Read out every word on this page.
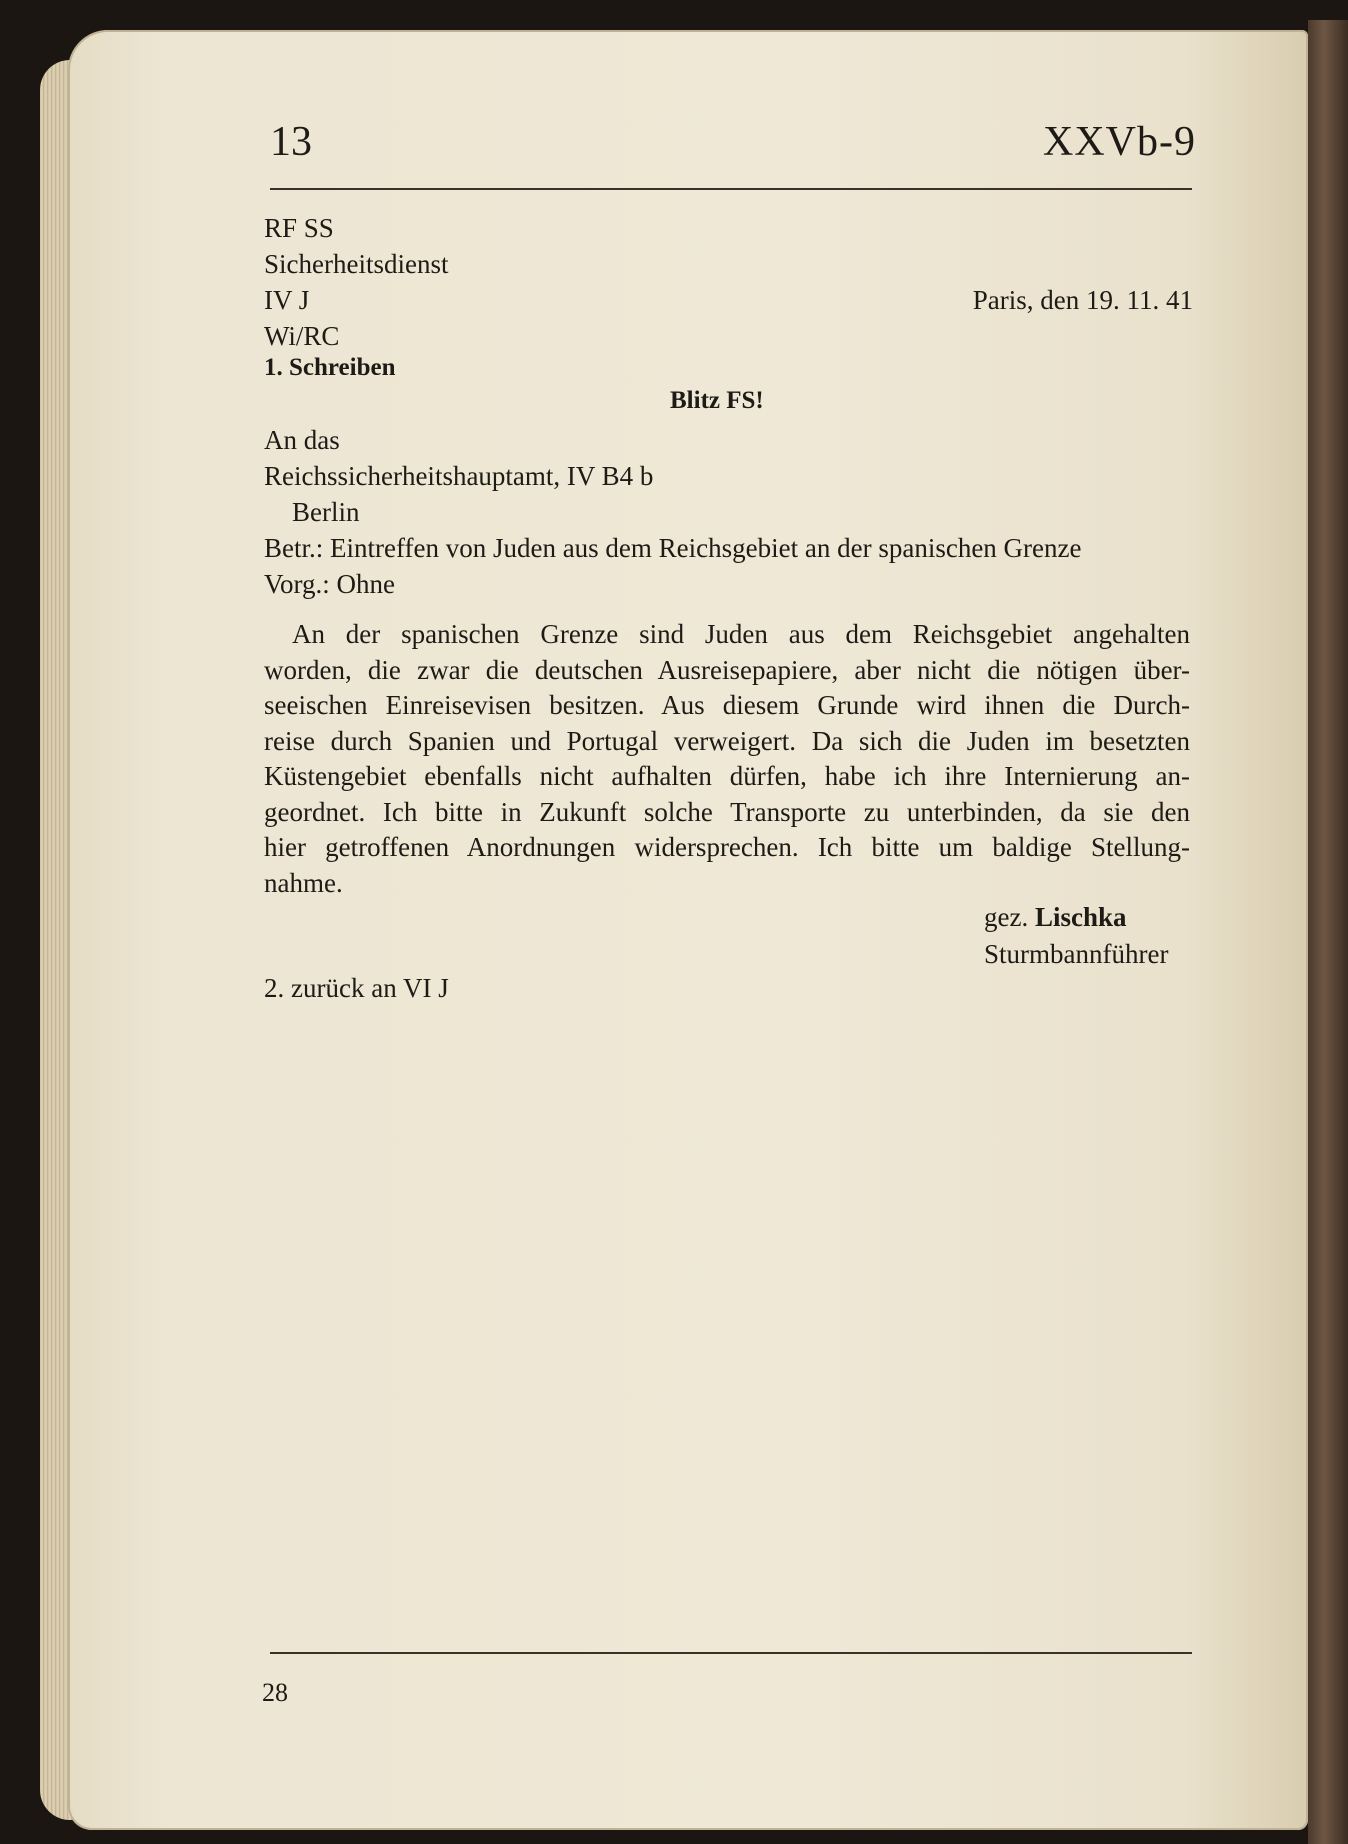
13	XXVb-9
RF SS
Sicherheitsdienst
IV J
Wi/RC
1. Schreiben
Paris, den 19. 11. 41
Blitz FS!
An das
Reichssicherheitshauptamt, IV B4 b
Berlin
Betr.: Eintreffen von Juden aus dem Reichsgebiet an der spanischen Grenze
Vorg.: Ohne
An der spanischen Grenze sind Juden aus dem Reichsgebiet angehalten
worden, die zwar die deutschen Ausreisepapiere, aber nicht die nötigen über-
seeischen Einreisevisen besitzen. Aus diesem Grunde wird ihnen die Durch-
reise durch Spanien und Portugal verweigert. Da sich die Juden im besetzten
Küstengebiet ebenfalls nicht aufhalten dürfen, habe ich ihre Internierung an-
geordnet. Ich bitte in Zukunft solche Transporte zu unterbinden, da sie den
hier getroffenen Anordnungen widersprechen. Ich bitte um baldige Stellung-
nahme.
gez. Lischka
Sturmbannführer
2. zurück an VI J
28
